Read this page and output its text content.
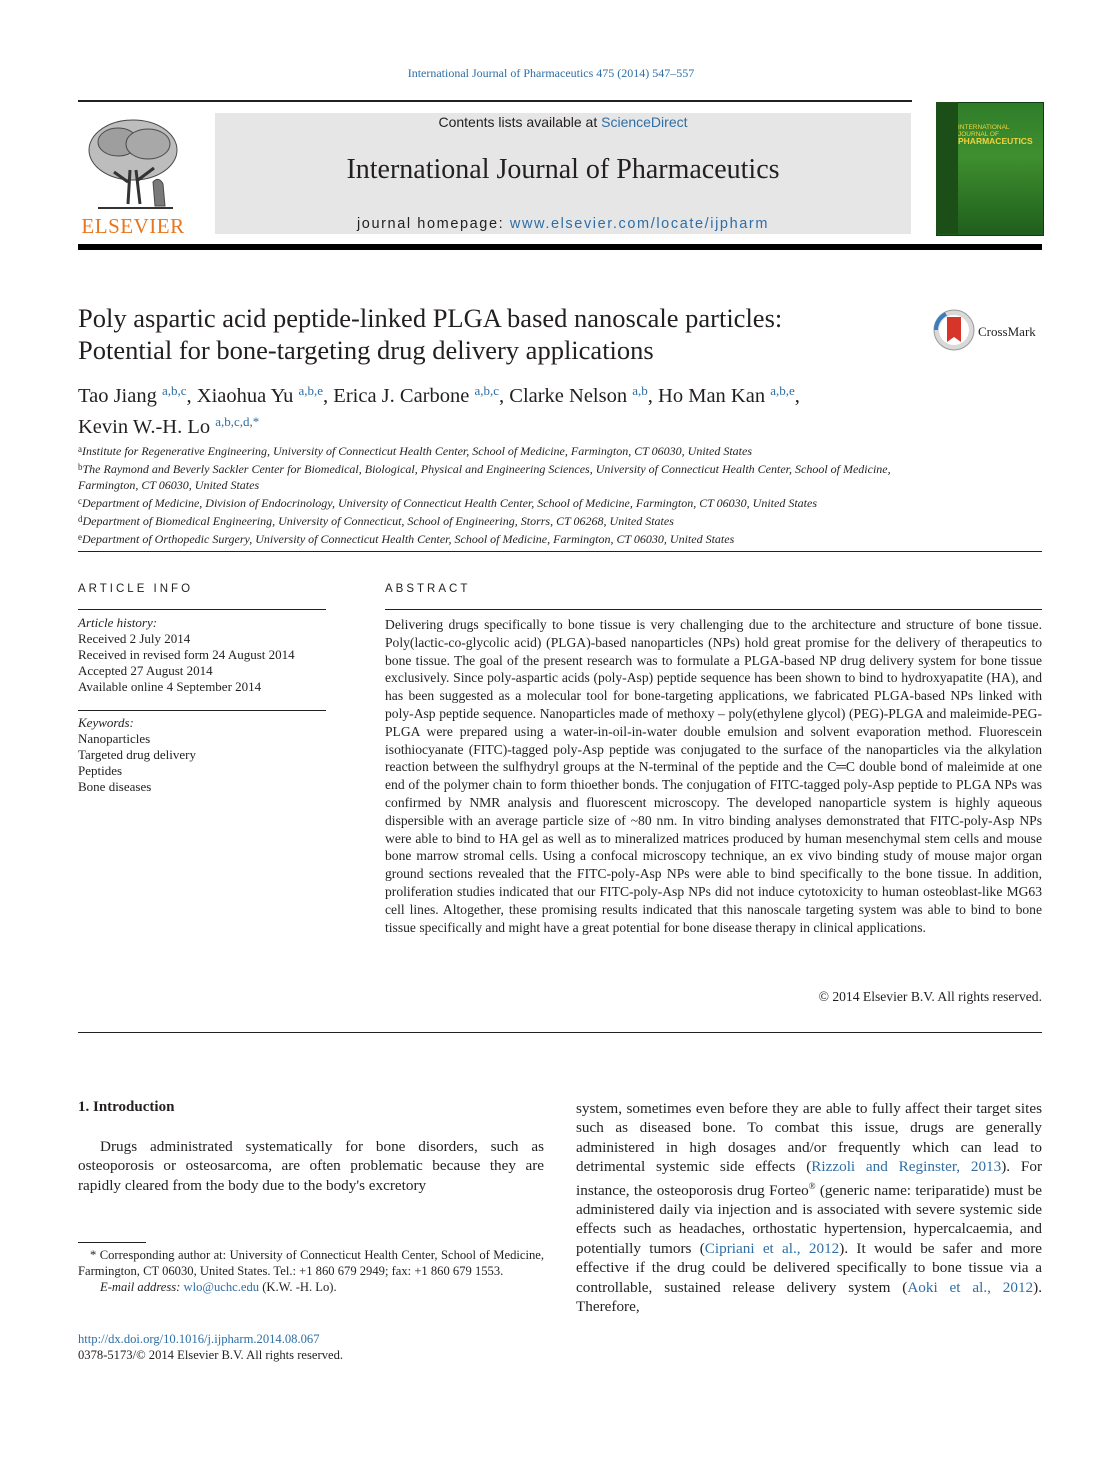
International Journal of Pharmaceutics 475 (2014) 547–557
ELSEVIER
Contents lists available at ScienceDirect
International Journal of Pharmaceutics
journal homepage: www.elsevier.com/locate/ijpharm
INTERNATIONAL JOURNAL OF
PHARMACEUTICS
Poly aspartic acid peptide-linked PLGA based nanoscale particles:
Potential for bone-targeting drug delivery applications
CrossMark
Tao Jiang $^{a,b,c}$, Xiaohua Yu $^{a,b,e}$, Erica J. Carbone $^{a,b,c}$, Clarke Nelson $^{a,b}$, Ho Man Kan $^{a,b,e}$,
Kevin W.-H. Lo $^{a,b,c,d,*}$
$^a$Institute for Regenerative Engineering, University of Connecticut Health Center, School of Medicine, Farmington, CT 06030, United States
$^b$The Raymond and Beverly Sackler Center for Biomedical, Biological, Physical and Engineering Sciences, University of Connecticut Health Center, School of Medicine, Farmington, CT 06030, United States
$^c$Department of Medicine, Division of Endocrinology, University of Connecticut Health Center, School of Medicine, Farmington, CT 06030, United States
$^d$Department of Biomedical Engineering, University of Connecticut, School of Engineering, Storrs, CT 06268, United States
$^e$Department of Orthopedic Surgery, University of Connecticut Health Center, School of Medicine, Farmington, CT 06030, United States
ARTICLE INFO
Article history:
Received 2 July 2014
Received in revised form 24 August 2014
Accepted 27 August 2014
Available online 4 September 2014
Keywords:
Nanoparticles
Targeted drug delivery
Peptides
Bone diseases
ABSTRACT
Delivering drugs specifically to bone tissue is very challenging due to the architecture and structure of bone tissue. Poly(lactic-co-glycolic acid) (PLGA)-based nanoparticles (NPs) hold great promise for the delivery of therapeutics to bone tissue. The goal of the present research was to formulate a PLGA-based NP drug delivery system for bone tissue exclusively. Since poly-aspartic acids (poly-Asp) peptide sequence has been shown to bind to hydroxyapatite (HA), and has been suggested as a molecular tool for bone-targeting applications, we fabricated PLGA-based NPs linked with poly-Asp peptide sequence. Nanoparticles made of methoxy – poly(ethylene glycol) (PEG)-PLGA and maleimide-PEG-PLGA were prepared using a water-in-oil-in-water double emulsion and solvent evaporation method. Fluorescein isothiocyanate (FITC)-tagged poly-Asp peptide was conjugated to the surface of the nanoparticles via the alkylation reaction between the sulfhydryl groups at the N-terminal of the peptide and the C═C double bond of maleimide at one end of the polymer chain to form thioether bonds. The conjugation of FITC-tagged poly-Asp peptide to PLGA NPs was confirmed by NMR analysis and fluorescent microscopy. The developed nanoparticle system is highly aqueous dispersible with an average particle size of ~80 nm. In vitro binding analyses demonstrated that FITC-poly-Asp NPs were able to bind to HA gel as well as to mineralized matrices produced by human mesenchymal stem cells and mouse bone marrow stromal cells. Using a confocal microscopy technique, an ex vivo binding study of mouse major organ ground sections revealed that the FITC-poly-Asp NPs were able to bind specifically to the bone tissue. In addition, proliferation studies indicated that our FITC-poly-Asp NPs did not induce cytotoxicity to human osteoblast-like MG63 cell lines. Altogether, these promising results indicated that this nanoscale targeting system was able to bind to bone tissue specifically and might have a great potential for bone disease therapy in clinical applications.
© 2014 Elsevier B.V. All rights reserved.
1. Introduction
Drugs administrated systematically for bone disorders, such as osteoporosis or osteosarcoma, are often problematic because they are rapidly cleared from the body due to the body's excretory
system, sometimes even before they are able to fully affect their target sites such as diseased bone. To combat this issue, drugs are generally administered in high dosages and/or frequently which can lead to detrimental systemic side effects (Rizzoli and Reginster, 2013). For instance, the osteoporosis drug Forteo® (generic name: teriparatide) must be administered daily via injection and is associated with severe systemic side effects such as headaches, orthostatic hypertension, hypercalcaemia, and potentially tumors (Cipriani et al., 2012). It would be safer and more effective if the drug could be delivered specifically to bone tissue via a controllable, sustained release delivery system (Aoki et al., 2012). Therefore,
* Corresponding author at: University of Connecticut Health Center, School of Medicine, Farmington, CT 06030, United States. Tel.: +1 860 679 2949; fax: +1 860 679 1553.
E-mail address: wlo@uchc.edu (K.W. -H. Lo).
http://dx.doi.org/10.1016/j.ijpharm.2014.08.067
0378-5173/© 2014 Elsevier B.V. All rights reserved.
